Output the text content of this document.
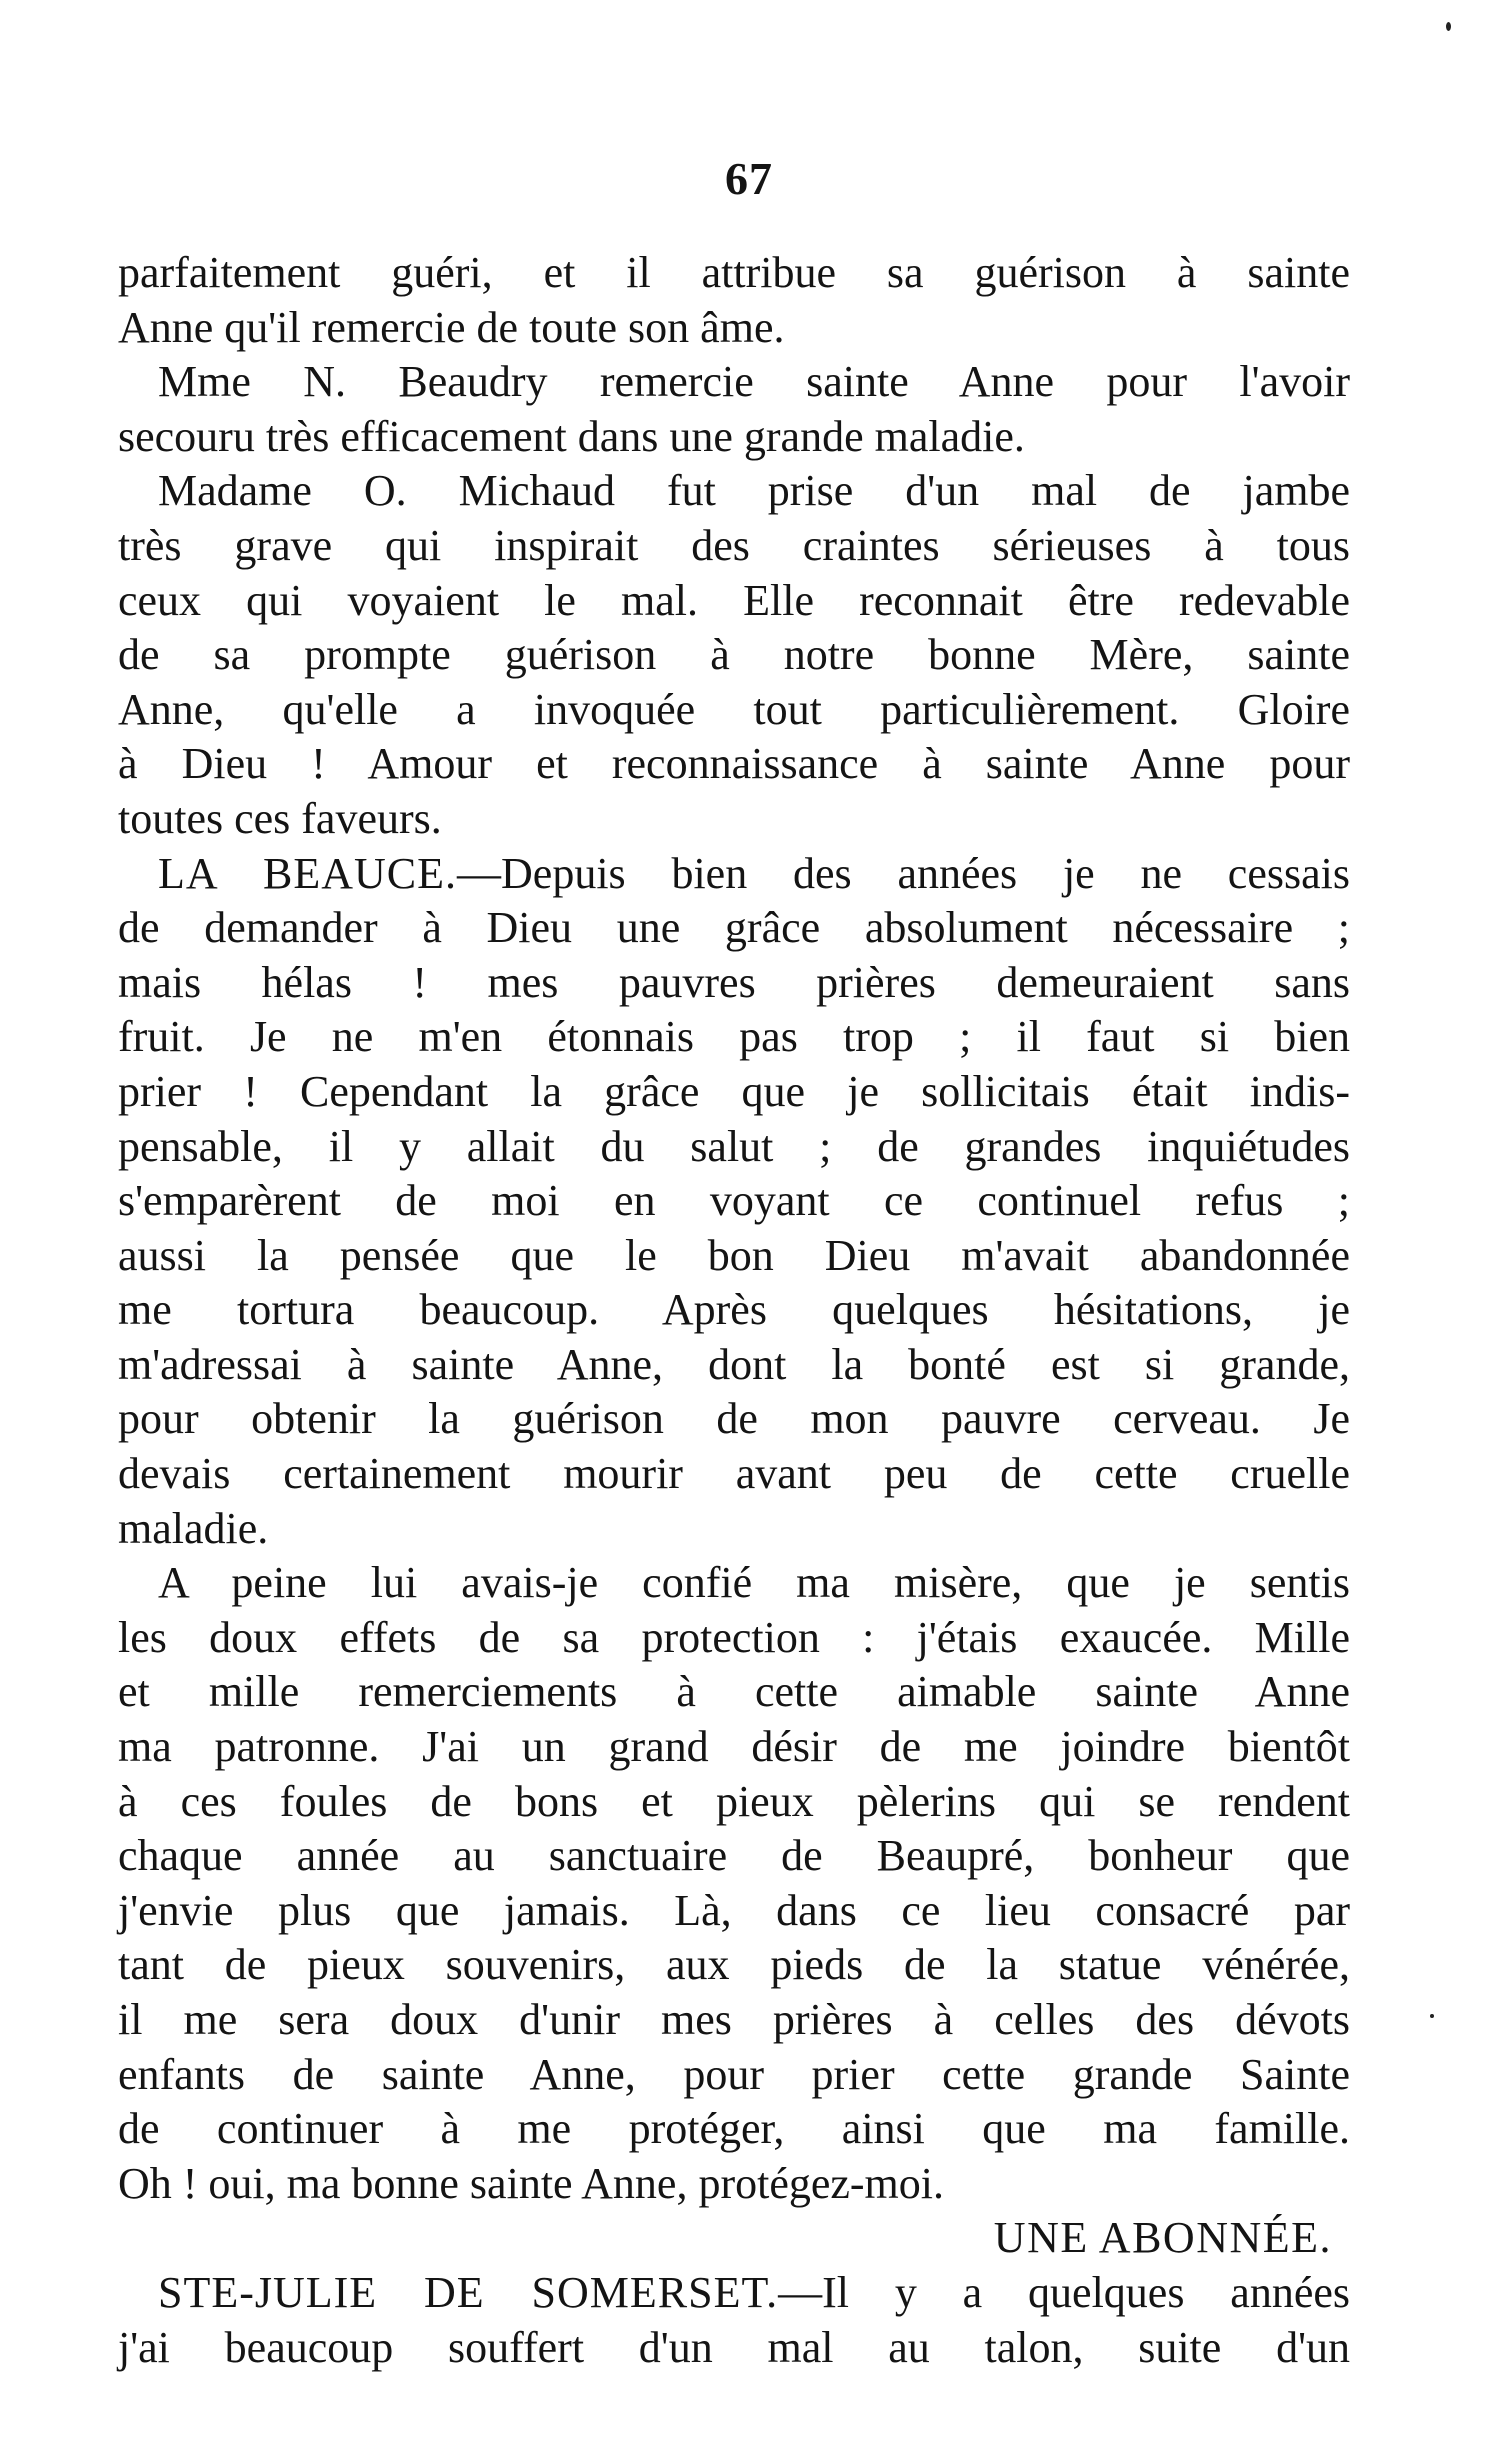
67
parfaitement guéri, et il attribue sa guérison à sainte
Anne qu'il remercie de toute son âme.
Mme N. Beaudry remercie sainte Anne pour l'avoir
secouru très efficacement dans une grande maladie.
Madame O. Michaud fut prise d'un mal de jambe
très grave qui inspirait des craintes sérieuses à tous
ceux qui voyaient le mal. Elle reconnait être redevable
de sa prompte guérison à notre bonne Mère, sainte
Anne, qu'elle a invoquée tout particulièrement. Gloire
à Dieu ! Amour et reconnaissance à sainte Anne pour
toutes ces faveurs.
LA BEAUCE.—Depuis bien des années je ne cessais
de demander à Dieu une grâce absolument nécessaire ;
mais hélas ! mes pauvres prières demeuraient sans
fruit. Je ne m'en étonnais pas trop ; il faut si bien
prier ! Cependant la grâce que je sollicitais était indis-
pensable, il y allait du salut ; de grandes inquiétudes
s'emparèrent de moi en voyant ce continuel refus ;
aussi la pensée que le bon Dieu m'avait abandonnée
me tortura beaucoup. Après quelques hésitations, je
m'adressai à sainte Anne, dont la bonté est si grande,
pour obtenir la guérison de mon pauvre cerveau. Je
devais certainement mourir avant peu de cette cruelle
maladie.
A peine lui avais-je confié ma misère, que je sentis
les doux effets de sa protection : j'étais exaucée. Mille
et mille remerciements à cette aimable sainte Anne
ma patronne. J'ai un grand désir de me joindre bientôt
à ces foules de bons et pieux pèlerins qui se rendent
chaque année au sanctuaire de Beaupré, bonheur que
j'envie plus que jamais. Là, dans ce lieu consacré par
tant de pieux souvenirs, aux pieds de la statue vénérée,
il me sera doux d'unir mes prières à celles des dévots
enfants de sainte Anne, pour prier cette grande Sainte
de continuer à me protéger, ainsi que ma famille.
Oh ! oui, ma bonne sainte Anne, protégez-moi.
UNE ABONNÉE.
STE-JULIE DE SOMERSET.—Il y a quelques années
j'ai beaucoup souffert d'un mal au talon, suite d'un
